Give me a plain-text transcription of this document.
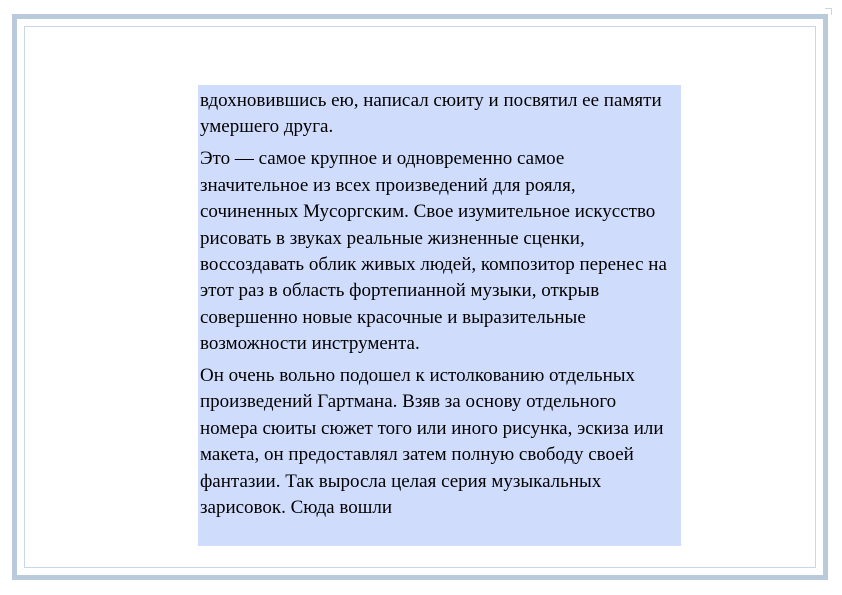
вдохновившись ею, написал сюиту и посвятил ее памяти умершего друга.

Это — самое крупное и одновременно самое значительное из всех произведений для рояля, сочиненных Мусоргским. Свое изумительное искусство рисовать в звуках реальные жизненные сценки, воссоздавать облик живых людей, композитор перенес на этот раз в область фортепианной музыки, открыв совершенно новые красочные и выразительные возможности инструмента.

Он очень вольно подошел к истолкованию отдельных произведений Гартмана. Взяв за основу отдельного номера сюиты сюжет того или иного рисунка, эскиза или макета, он предоставлял затем полную свободу своей фантазии. Так выросла целая серия музыкальных зарисовок. Сюда вошли
